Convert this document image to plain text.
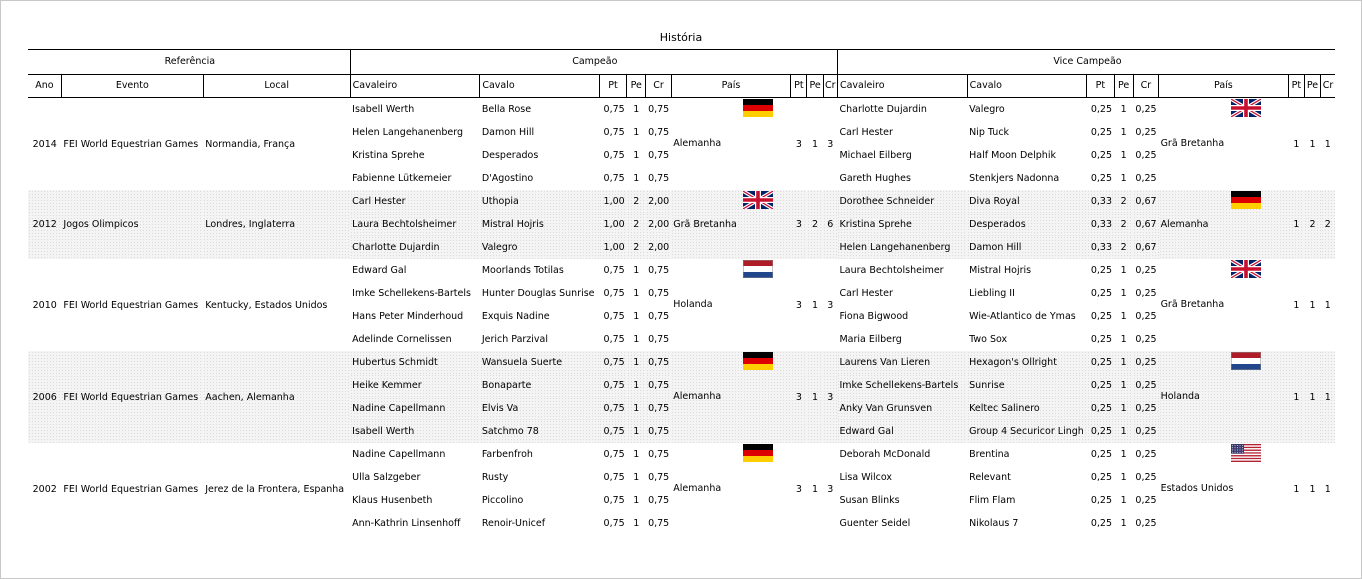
História
Referência			Campeão									Vice Campeão								
Ano	Evento	Local	Cavaleiro	Cavalo	Pt	Pe	Cr	País	Pt	Pe	Cr	Cavaleiro	Cavalo	Pt	Pe	Cr	País	Pt	Pe	Cr
2014	FEI World Equestrian Games	Normandia, França	Isabell Werth	Bella Rose	0,75	1	0,75	Alemanha	3	1	3	Charlotte Dujardin	Valegro	0,25	1	0,25	Grã Bretanha	1	1	1
			Helen Langehanenberg	Damon Hill	0,75	1	0,75					Carl Hester	Nip Tuck	0,25	1	0,25				
			Kristina Sprehe	Desperados	0,75	1	0,75					Michael Eilberg	Half Moon Delphik	0,25	1	0,25				
			Fabienne Lütkemeier	D'Agostino	0,75	1	0,75					Gareth Hughes	Stenkjers Nadonna	0,25	1	0,25				
2012	Jogos Olimpicos	Londres, Inglaterra	Carl Hester	Uthopia	1,00	2	2,00	Grã Bretanha	3	2	6	Dorothee Schneider	Diva Royal	0,33	2	0,67	Alemanha	1	2	2
			Laura Bechtolsheimer	Mistral Hojris	1,00	2	2,00					Kristina Sprehe	Desperados	0,33	2	0,67				
			Charlotte Dujardin	Valegro	1,00	2	2,00					Helen Langehanenberg	Damon Hill	0,33	2	0,67				
2010	FEI World Equestrian Games	Kentucky, Estados Unidos	Edward Gal	Moorlands Totilas	0,75	1	0,75	Holanda	3	1	3	Laura Bechtolsheimer	Mistral Hojris	0,25	1	0,25	Grã Bretanha	1	1	1
			Imke Schellekens-Bartels	Hunter Douglas Sunrise	0,75	1	0,75					Carl Hester	Liebling II	0,25	1	0,25				
			Hans Peter Minderhoud	Exquis Nadine	0,75	1	0,75					Fiona Bigwood	Wie-Atlantico de Ymas	0,25	1	0,25				
			Adelinde Cornelissen	Jerich Parzival	0,75	1	0,75					Maria Eilberg	Two Sox	0,25	1	0,25				
2006	FEI World Equestrian Games	Aachen, Alemanha	Hubertus Schmidt	Wansuela Suerte	0,75	1	0,75	Alemanha	3	1	3	Laurens Van Lieren	Hexagon's Ollright	0,25	1	0,25	Holanda	1	1	1
			Heike Kemmer	Bonaparte	0,75	1	0,75					Imke Schellekens-Bartels	Sunrise	0,25	1	0,25				
			Nadine Capellmann	Elvis Va	0,75	1	0,75					Anky Van Grunsven	Keltec Salinero	0,25	1	0,25				
			Isabell Werth	Satchmo 78	0,75	1	0,75					Edward Gal	Group 4 Securicor Lingh	0,25	1	0,25				
2002	FEI World Equestrian Games	Jerez de la Frontera, Espanha	Nadine Capellmann	Farbenfroh	0,75	1	0,75	Alemanha	3	1	3	Deborah McDonald	Brentina	0,25	1	0,25	Estados Unidos	1	1	1
			Ulla Salzgeber	Rusty	0,75	1	0,75					Lisa Wilcox	Relevant	0,25	1	0,25				
			Klaus Husenbeth	Piccolino	0,75	1	0,75					Susan Blinks	Flim Flam	0,25	1	0,25				
			Ann-Kathrin Linsenhoff	Renoir-Unicef	0,75	1	0,75					Guenter Seidel	Nikolaus 7	0,25	1	0,25				
